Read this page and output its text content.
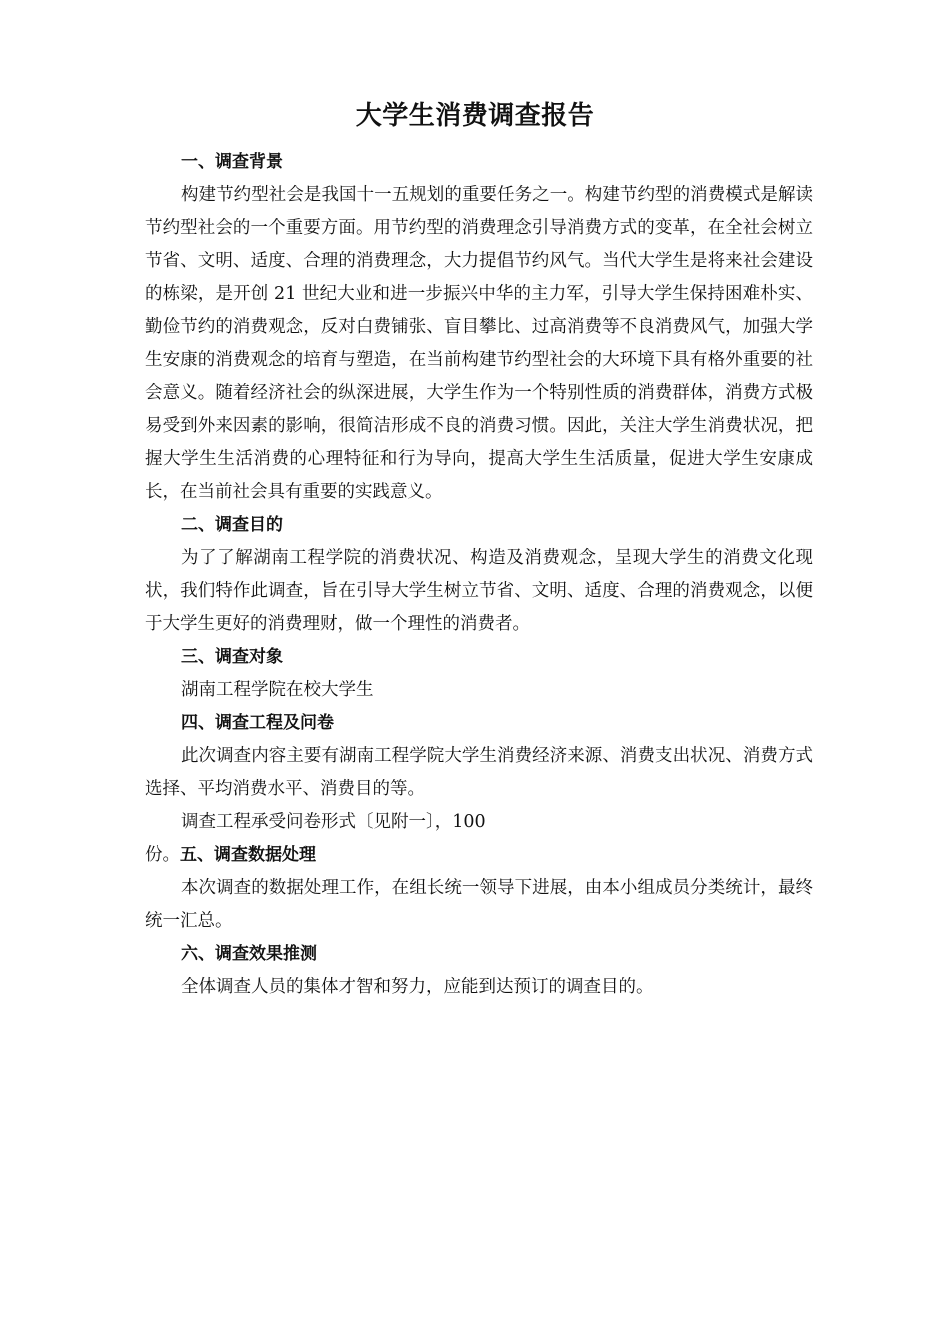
大学生消费调查报告

一、调查背景

构建节约型社会是我国十一五规划的重要任务之一。构建节约型的消费模式是解读节约型社会的一个重要方面。用节约型的消费理念引导消费方式的变革，在全社会树立节省、文明、适度、合理的消费理念，大力提倡节约风气。当代大学生是将来社会建设的栋梁，是开创 21 世纪大业和进一步振兴中华的主力军，引导大学生保持困难朴实、勤俭节约的消费观念，反对白费铺张、盲目攀比、过高消费等不良消费风气，加强大学生安康的消费观念的培育与塑造，在当前构建节约型社会的大环境下具有格外重要的社会意义。随着经济社会的纵深进展，大学生作为一个特别性质的消费群体，消费方式极易受到外来因素的影响，很简洁形成不良的消费习惯。因此，关注大学生消费状况，把握大学生生活消费的心理特征和行为导向，提高大学生生活质量，促进大学生安康成长，在当前社会具有重要的实践意义。

二、调查目的

为了了解湖南工程学院的消费状况、构造及消费观念，呈现大学生的消费文化现状，我们特作此调查，旨在引导大学生树立节省、文明、适度、合理的消费观念，以便于大学生更好的消费理财，做一个理性的消费者。

三、调查对象

湖南工程学院在校大学生

四、调查工程及问卷

此次调查内容主要有湖南工程学院大学生消费经济来源、消费支出状况、消费方式选择、平均消费水平、消费目的等。

调查工程承受问卷形式〔见附一〕，100

份。五、调查数据处理

本次调查的数据处理工作，在组长统一领导下进展，由本小组成员分类统计，最终统一汇总。

六、调查效果推测

全体调查人员的集体才智和努力，应能到达预订的调查目的。
